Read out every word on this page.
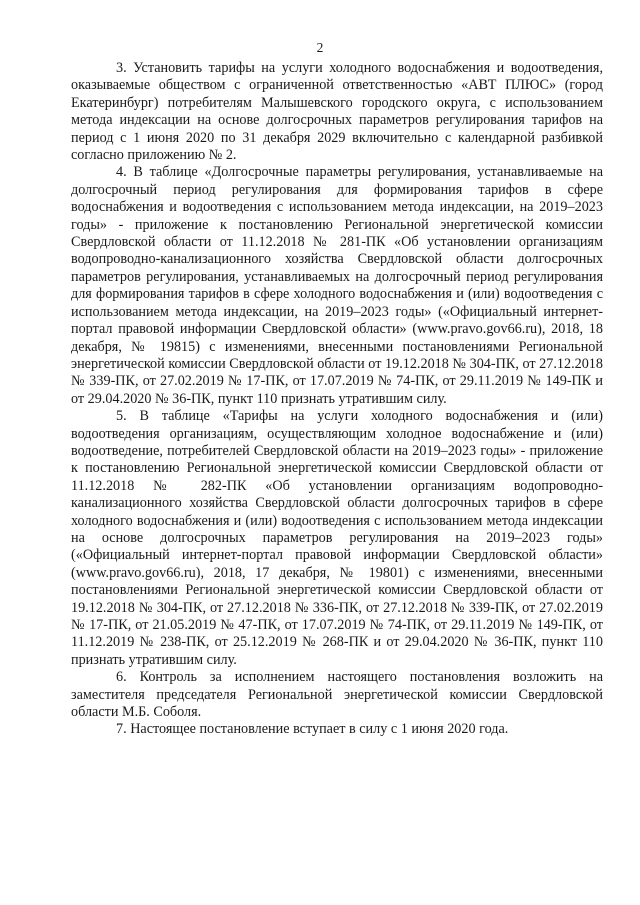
2

3. Установить тарифы на услуги холодного водоснабжения и водоотведения, оказываемые обществом с ограниченной ответственностью «АВТ ПЛЮС» (город Екатеринбург) потребителям Малышевского городского округа, с использованием метода индексации на основе долгосрочных параметров регулирования тарифов на период с 1 июня 2020 по 31 декабря 2029 включительно с календарной разбивкой согласно приложению № 2.

4. В таблице «Долгосрочные параметры регулирования, устанавливаемые на долгосрочный период регулирования для формирования тарифов в сфере водоснабжения и водоотведения с использованием метода индексации, на 2019–2023 годы» - приложение к постановлению Региональной энергетической комиссии Свердловской области от 11.12.2018 № 281-ПК «Об установлении организациям водопроводно-канализационного хозяйства Свердловской области долгосрочных параметров регулирования, устанавливаемых на долгосрочный период регулирования для формирования тарифов в сфере холодного водоснабжения и (или) водоотведения с использованием метода индексации, на 2019–2023 годы» («Официальный интернет-портал правовой информации Свердловской области» (www.pravo.gov66.ru), 2018, 18 декабря, № 19815) с изменениями, внесенными постановлениями Региональной энергетической комиссии Свердловской области от 19.12.2018 № 304-ПК, от 27.12.2018 № 339-ПК, от 27.02.2019 № 17-ПК, от 17.07.2019 № 74-ПК, от 29.11.2019 № 149-ПК и от 29.04.2020 № 36-ПК, пункт 110 признать утратившим силу.

5. В таблице «Тарифы на услуги холодного водоснабжения и (или) водоотведения организациям, осуществляющим холодное водоснабжение и (или) водоотведение, потребителей Свердловской области на 2019–2023 годы» - приложение к постановлению Региональной энергетической комиссии Свердловской области от 11.12.2018 № 282-ПК «Об установлении организациям водопроводно-канализационного хозяйства Свердловской области долгосрочных тарифов в сфере холодного водоснабжения и (или) водоотведения с использованием метода индексации на основе долгосрочных параметров регулирования на 2019–2023 годы» («Официальный интернет-портал правовой информации Свердловской области» (www.pravo.gov66.ru), 2018, 17 декабря, № 19801) с изменениями, внесенными постановлениями Региональной энергетической комиссии Свердловской области от 19.12.2018 № 304-ПК, от 27.12.2018 № 336-ПК, от 27.12.2018 № 339-ПК, от 27.02.2019 № 17-ПК, от 21.05.2019 № 47-ПК, от 17.07.2019 № 74-ПК, от 29.11.2019 № 149-ПК, от 11.12.2019 № 238-ПК, от 25.12.2019 № 268-ПК и от 29.04.2020 № 36-ПК, пункт 110 признать утратившим силу.

6. Контроль за исполнением настоящего постановления возложить на заместителя председателя Региональной энергетической комиссии Свердловской области М.Б. Соболя.

7. Настоящее постановление вступает в силу с 1 июня 2020 года.
